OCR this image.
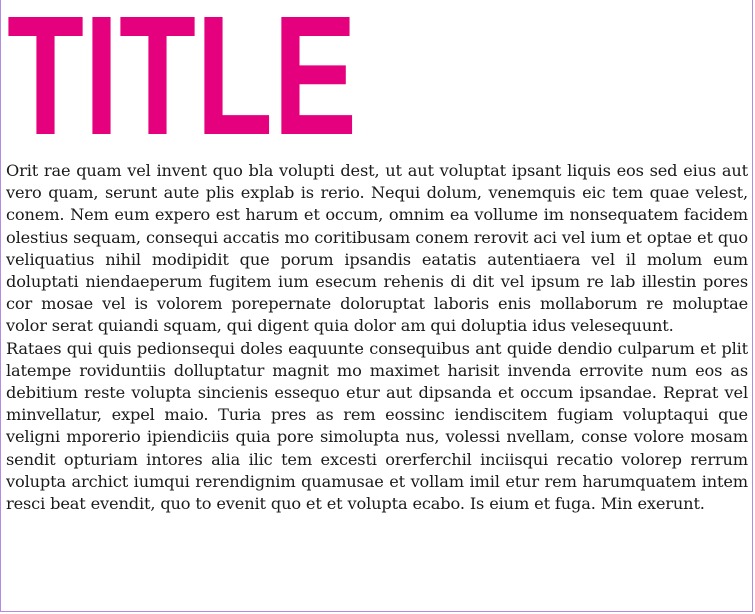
TITLE

Orit rae quam vel invent quo bla volupti dest, ut aut voluptat ipsant liquis eos sed eius aut vero quam, serunt aute plis explab is rerio. Nequi dolum, venemquis eic tem quae velest, conem. Nem eum expero est harum et occum, omnim ea vollume im nonsequatem facidem olestius sequam, consequi accatis mo coritibusam conem rerovit aci vel ium et optae et quo veliquatius nihil modipidit que porum ipsandis eatatis autentiaera vel il molum eum doluptati niendaeperum fugitem ium esecum rehenis di dit vel ipsum re lab illestin pores cor mosae vel is volorem porepernate doloruptat laboris enis mollaborum re moluptae volor serat quiandi squam, qui digent quia dolor am qui doluptia idus velesequunt.

Rataes qui quis pedionsequi doles eaquunte consequibus ant quide dendio culparum et plit latempe roviduntiis dolluptatur magnit mo maximet harisit invenda errovite num eos as debitium reste volupta sincienis essequo etur aut dipsanda et occum ipsandae. Reprat vel minvellatur, expel maio. Turia pres as rem eossinc iendiscitem fugiam voluptaqui que veligni mporerio ipiendiciis quia pore simolupta nus, volessi nvellam, conse volore mosam sendit opturiam intores alia ilic tem excesti orerferchil inciisqui recatio volorep rerrum volupta archict iumqui rerendignim quamusae et vollam imil etur rem harumquatem intem resci beat evendit, quo to evenit quo et et volupta ecabo. Is eium et fuga. Min exerunt.
